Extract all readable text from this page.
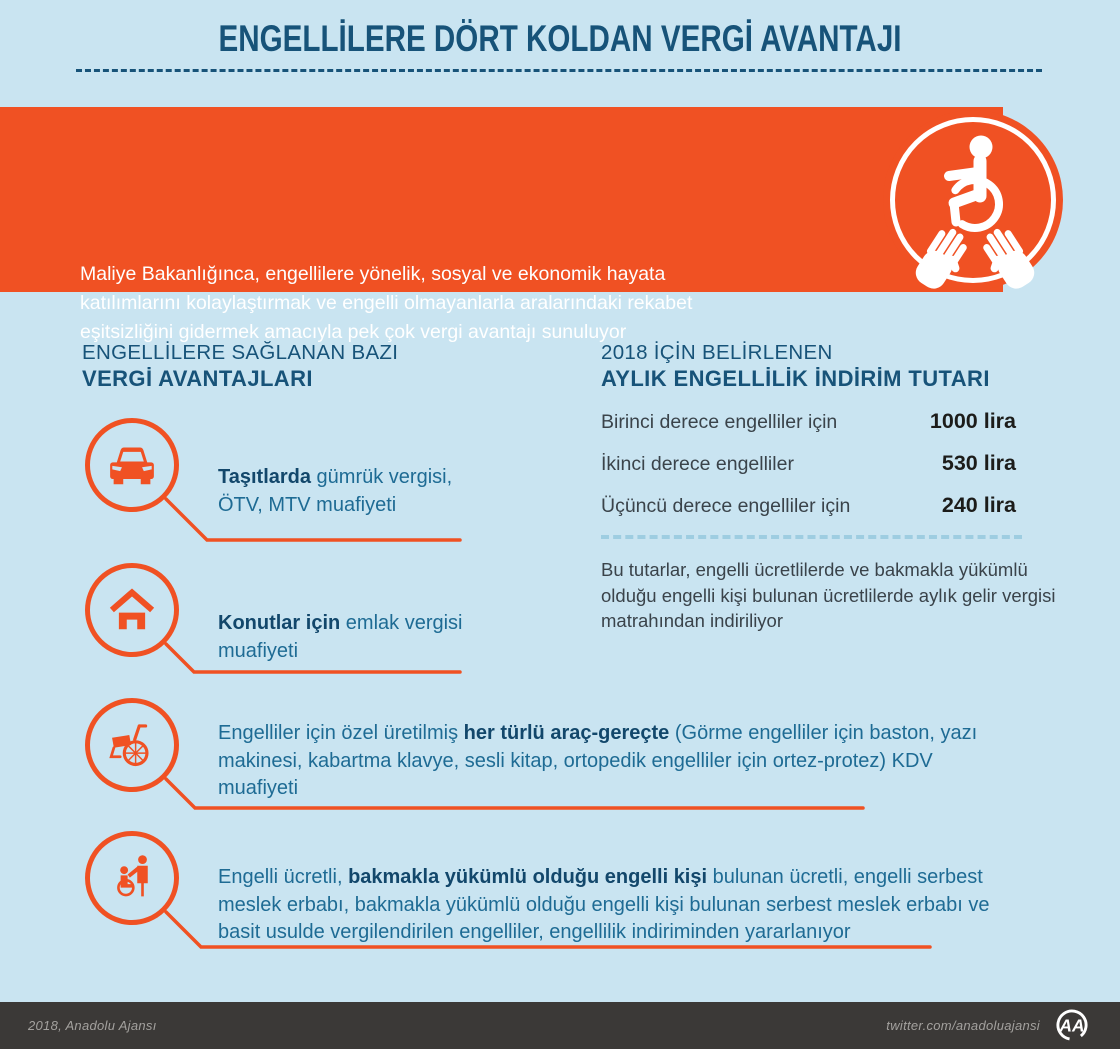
ENGELLİLERE DÖRT KOLDAN VERGİ AVANTAJI
Maliye Bakanlığınca, engellilere yönelik, sosyal ve ekonomik hayata
katılımlarını kolaylaştırmak ve engelli olmayanlarla aralarındaki rekabet
eşitsizliğini gidermek amacıyla pek çok vergi avantajı sunuluyor
ENGELLİLERE SAĞLANAN BAZI
VERGİ AVANTAJLARI
2018 İÇİN BELİRLENEN
AYLIK ENGELLİLİK İNDİRİM TUTARI
Birinci derece engelliler için	1000 lira
İkinci derece engelliler	530 lira
Üçüncü derece engelliler için	240 lira
Bu tutarlar, engelli ücretlilerde ve bakmakla yükümlü olduğu engelli kişi bulunan ücretlilerde aylık gelir vergisi matrahından indiriliyor
Taşıtlarda gümrük vergisi, ÖTV, MTV muafiyeti
Konutlar için emlak vergisi muafiyeti
Engelliler için özel üretilmiş her türlü araç-gereçte (Görme engelliler için baston, yazı makinesi, kabartma klavye, sesli kitap, ortopedik engelliler için ortez-protez) KDV muafiyeti
Engelli ücretli, bakmakla yükümlü olduğu engelli kişi bulunan ücretli, engelli serbest meslek erbabı, bakmakla yükümlü olduğu engelli kişi bulunan serbest meslek erbabı ve basit usulde vergilendirilen engelliler, engellilik indiriminden yararlanıyor
2018, Anadolu Ajansı	twitter.com/anadoluajansi AA
